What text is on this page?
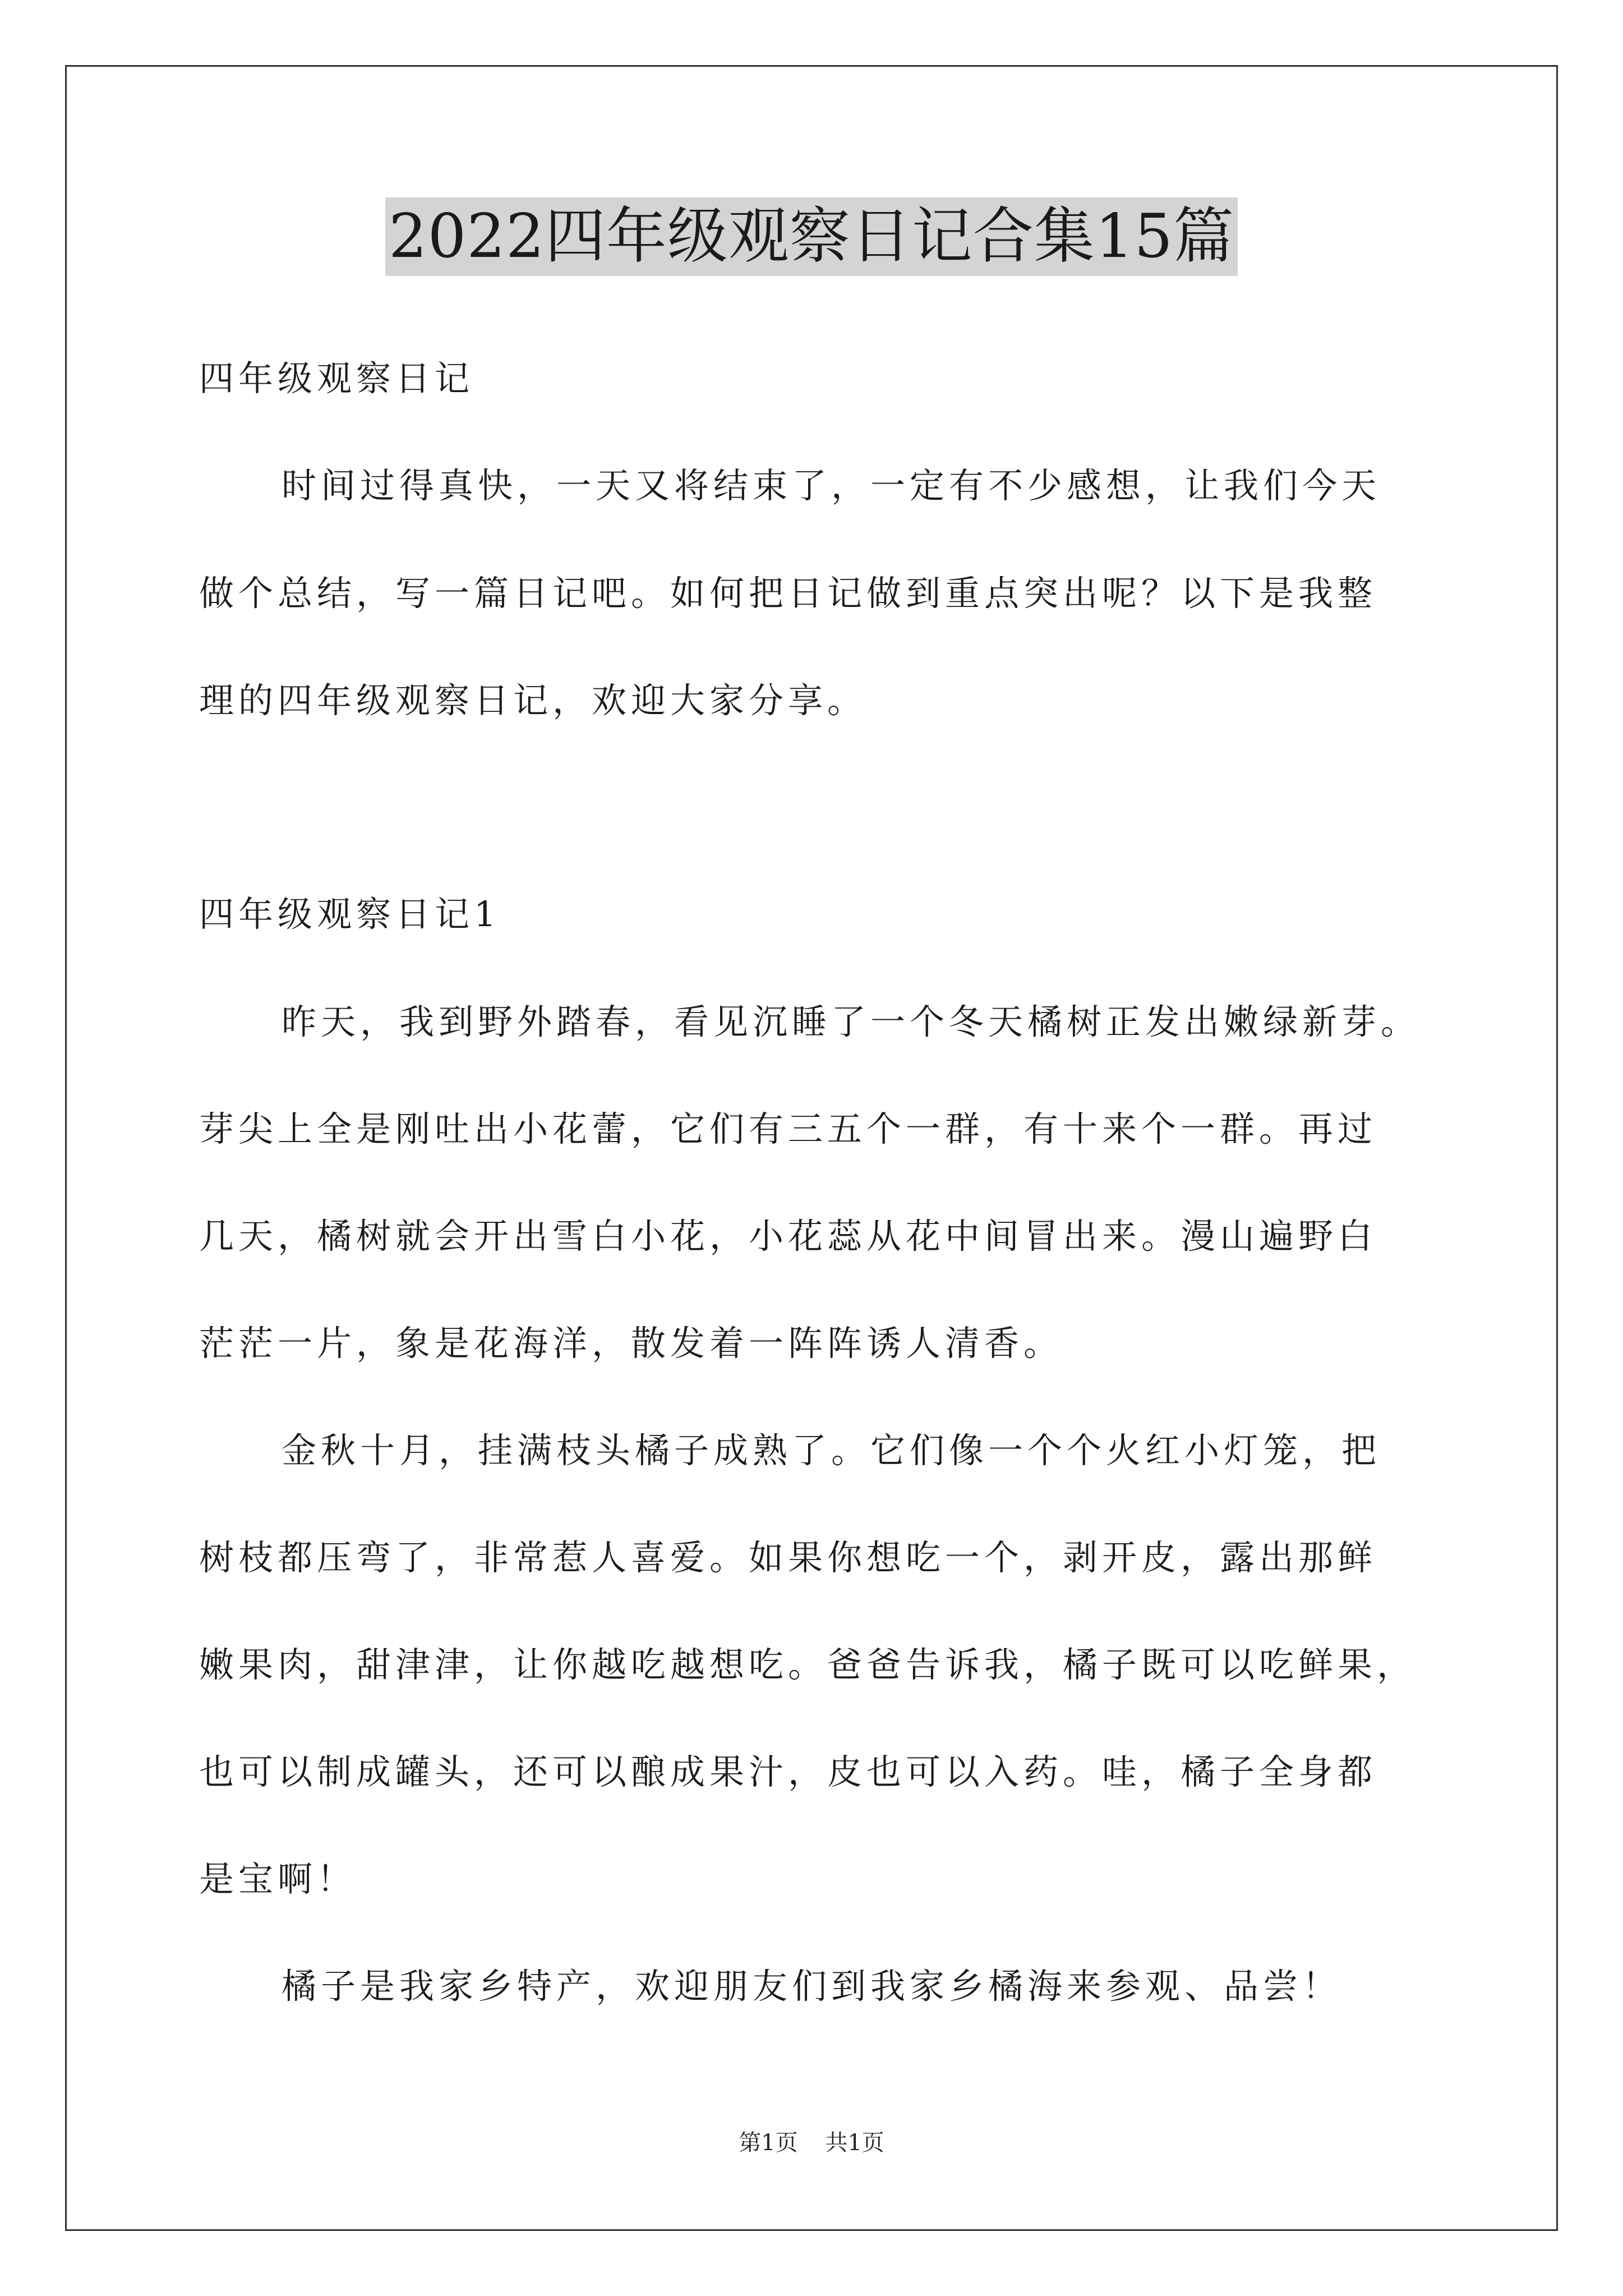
2022四年级观察日记合集15篇
四年级观察日记
时间过得真快，一天又将结束了，一定有不少感想，让我们今天
做个总结，写一篇日记吧。如何把日记做到重点突出呢？以下是我整
理的四年级观察日记，欢迎大家分享。
四年级观察日记1
昨天，我到野外踏春，看见沉睡了一个冬天橘树正发出嫩绿新芽。
芽尖上全是刚吐出小花蕾，它们有三五个一群，有十来个一群。再过
几天，橘树就会开出雪白小花，小花蕊从花中间冒出来。漫山遍野白
茫茫一片，象是花海洋，散发着一阵阵诱人清香。
金秋十月，挂满枝头橘子成熟了。它们像一个个火红小灯笼，把
树枝都压弯了，非常惹人喜爱。如果你想吃一个，剥开皮，露出那鲜
嫩果肉，甜津津，让你越吃越想吃。爸爸告诉我，橘子既可以吃鲜果，
也可以制成罐头，还可以酿成果汁，皮也可以入药。哇，橘子全身都
是宝啊！
橘子是我家乡特产，欢迎朋友们到我家乡橘海来参观、品尝！
第1页 共1页
